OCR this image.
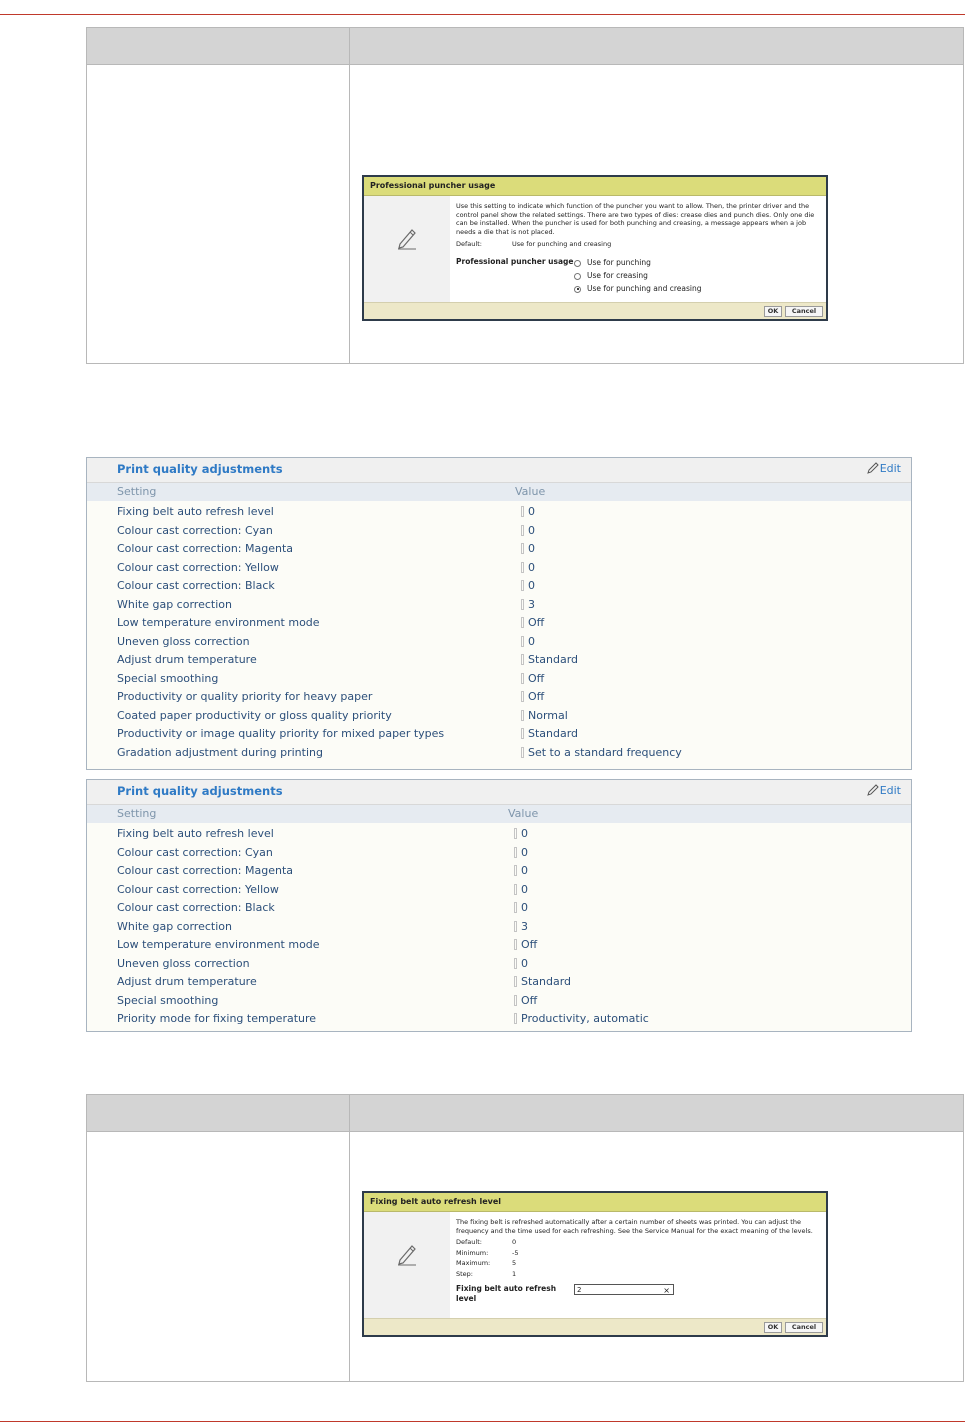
Professional puncher usage
Use this setting to indicate which function of the puncher you want to allow. Then, the printer driver and the control panel show the related settings. There are two types of dies: crease dies and punch dies. Only one die can be installed. When the puncher is used for both punching and creasing, a message appears when a job needs a die that is not placed.
Default:	Use for punching and creasing
Professional puncher usage Use for punching
Use for creasing
Use for punching and creasing
OK	Cancel
Print quality adjustments	Edit
Setting	Value
Fixing belt auto refresh level	0
Colour cast correction: Cyan	0
Colour cast correction: Magenta	0
Colour cast correction: Yellow	0
Colour cast correction: Black	0
White gap correction	3
Low temperature environment mode	Off
Uneven gloss correction	0
Adjust drum temperature	Standard
Special smoothing	Off
Productivity or quality priority for heavy paper	Off
Coated paper productivity or gloss quality priority	Normal
Productivity or image quality priority for mixed paper types	Standard
Gradation adjustment during printing	Set to a standard frequency
Print quality adjustments	Edit
Setting	Value
Fixing belt auto refresh level	0
Colour cast correction: Cyan	0
Colour cast correction: Magenta	0
Colour cast correction: Yellow	0
Colour cast correction: Black	0
White gap correction	3
Low temperature environment mode	Off
Uneven gloss correction	0
Adjust drum temperature	Standard
Special smoothing	Off
Priority mode for fixing temperature	Productivity, automatic
Fixing belt auto refresh level
The fixing belt is refreshed automatically after a certain number of sheets was printed. You can adjust the frequency and the time used for each refreshing. See the Service Manual for the exact meaning of the levels.
Default:	0
Minimum:	-5
Maximum:	5
Step:	1
Fixing belt auto refresh level
2	×
OK	Cancel
